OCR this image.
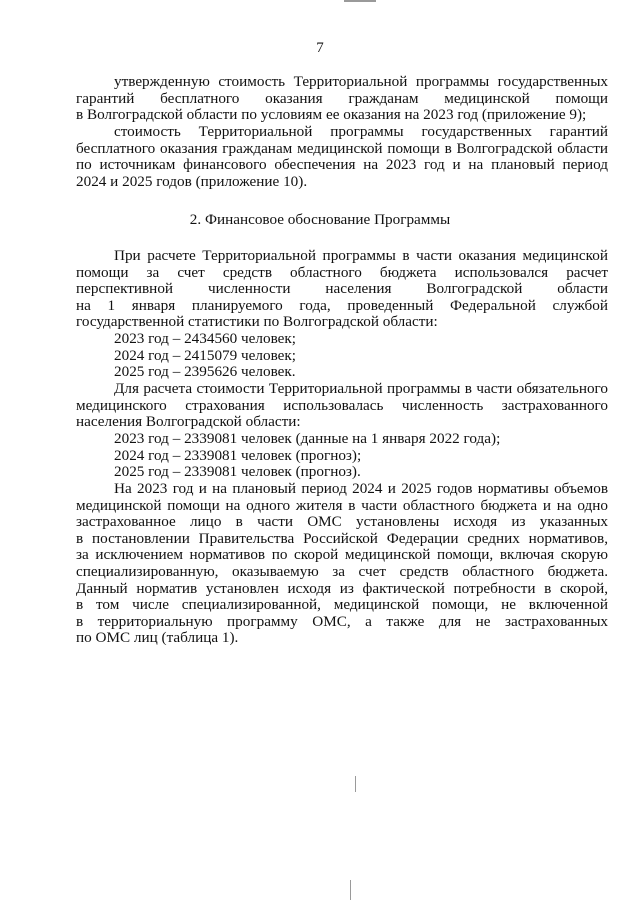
7
утвержденную стоимость Территориальной программы государственных
гарантий бесплатного оказания гражданам медицинской помощи
в Волгоградской области по условиям ее оказания на 2023 год (приложение 9);
стоимость Территориальной программы государственных гарантий
бесплатного оказания гражданам медицинской помощи в Волгоградской области
по источникам финансового обеспечения на 2023 год и на плановый период
2024 и 2025 годов (приложение 10).
2. Финансовое обоснование Программы
При расчете Территориальной программы в части оказания медицинской
помощи за счет средств областного бюджета использовался расчет
перспективной численности населения Волгоградской области
на 1 января планируемого года, проведенный Федеральной службой
государственной статистики по Волгоградской области:
2023 год – 2434560 человек;
2024 год – 2415079 человек;
2025 год – 2395626 человек.
Для расчета стоимости Территориальной программы в части обязательного
медицинского страхования использовалась численность застрахованного
населения Волгоградской области:
2023 год – 2339081 человек (данные на 1 января 2022 года);
2024 год – 2339081 человек (прогноз);
2025 год – 2339081 человек (прогноз).
На 2023 год и на плановый период 2024 и 2025 годов нормативы объемов
медицинской помощи на одного жителя в части областного бюджета и на одно
застрахованное лицо в части ОМС установлены исходя из указанных
в постановлении Правительства Российской Федерации средних нормативов,
за исключением нормативов по скорой медицинской помощи, включая скорую
специализированную, оказываемую за счет средств областного бюджета.
Данный норматив установлен исходя из фактической потребности в скорой,
в том числе специализированной, медицинской помощи, не включенной
в территориальную программу ОМС, а также для не застрахованных
по ОМС лиц (таблица 1).
